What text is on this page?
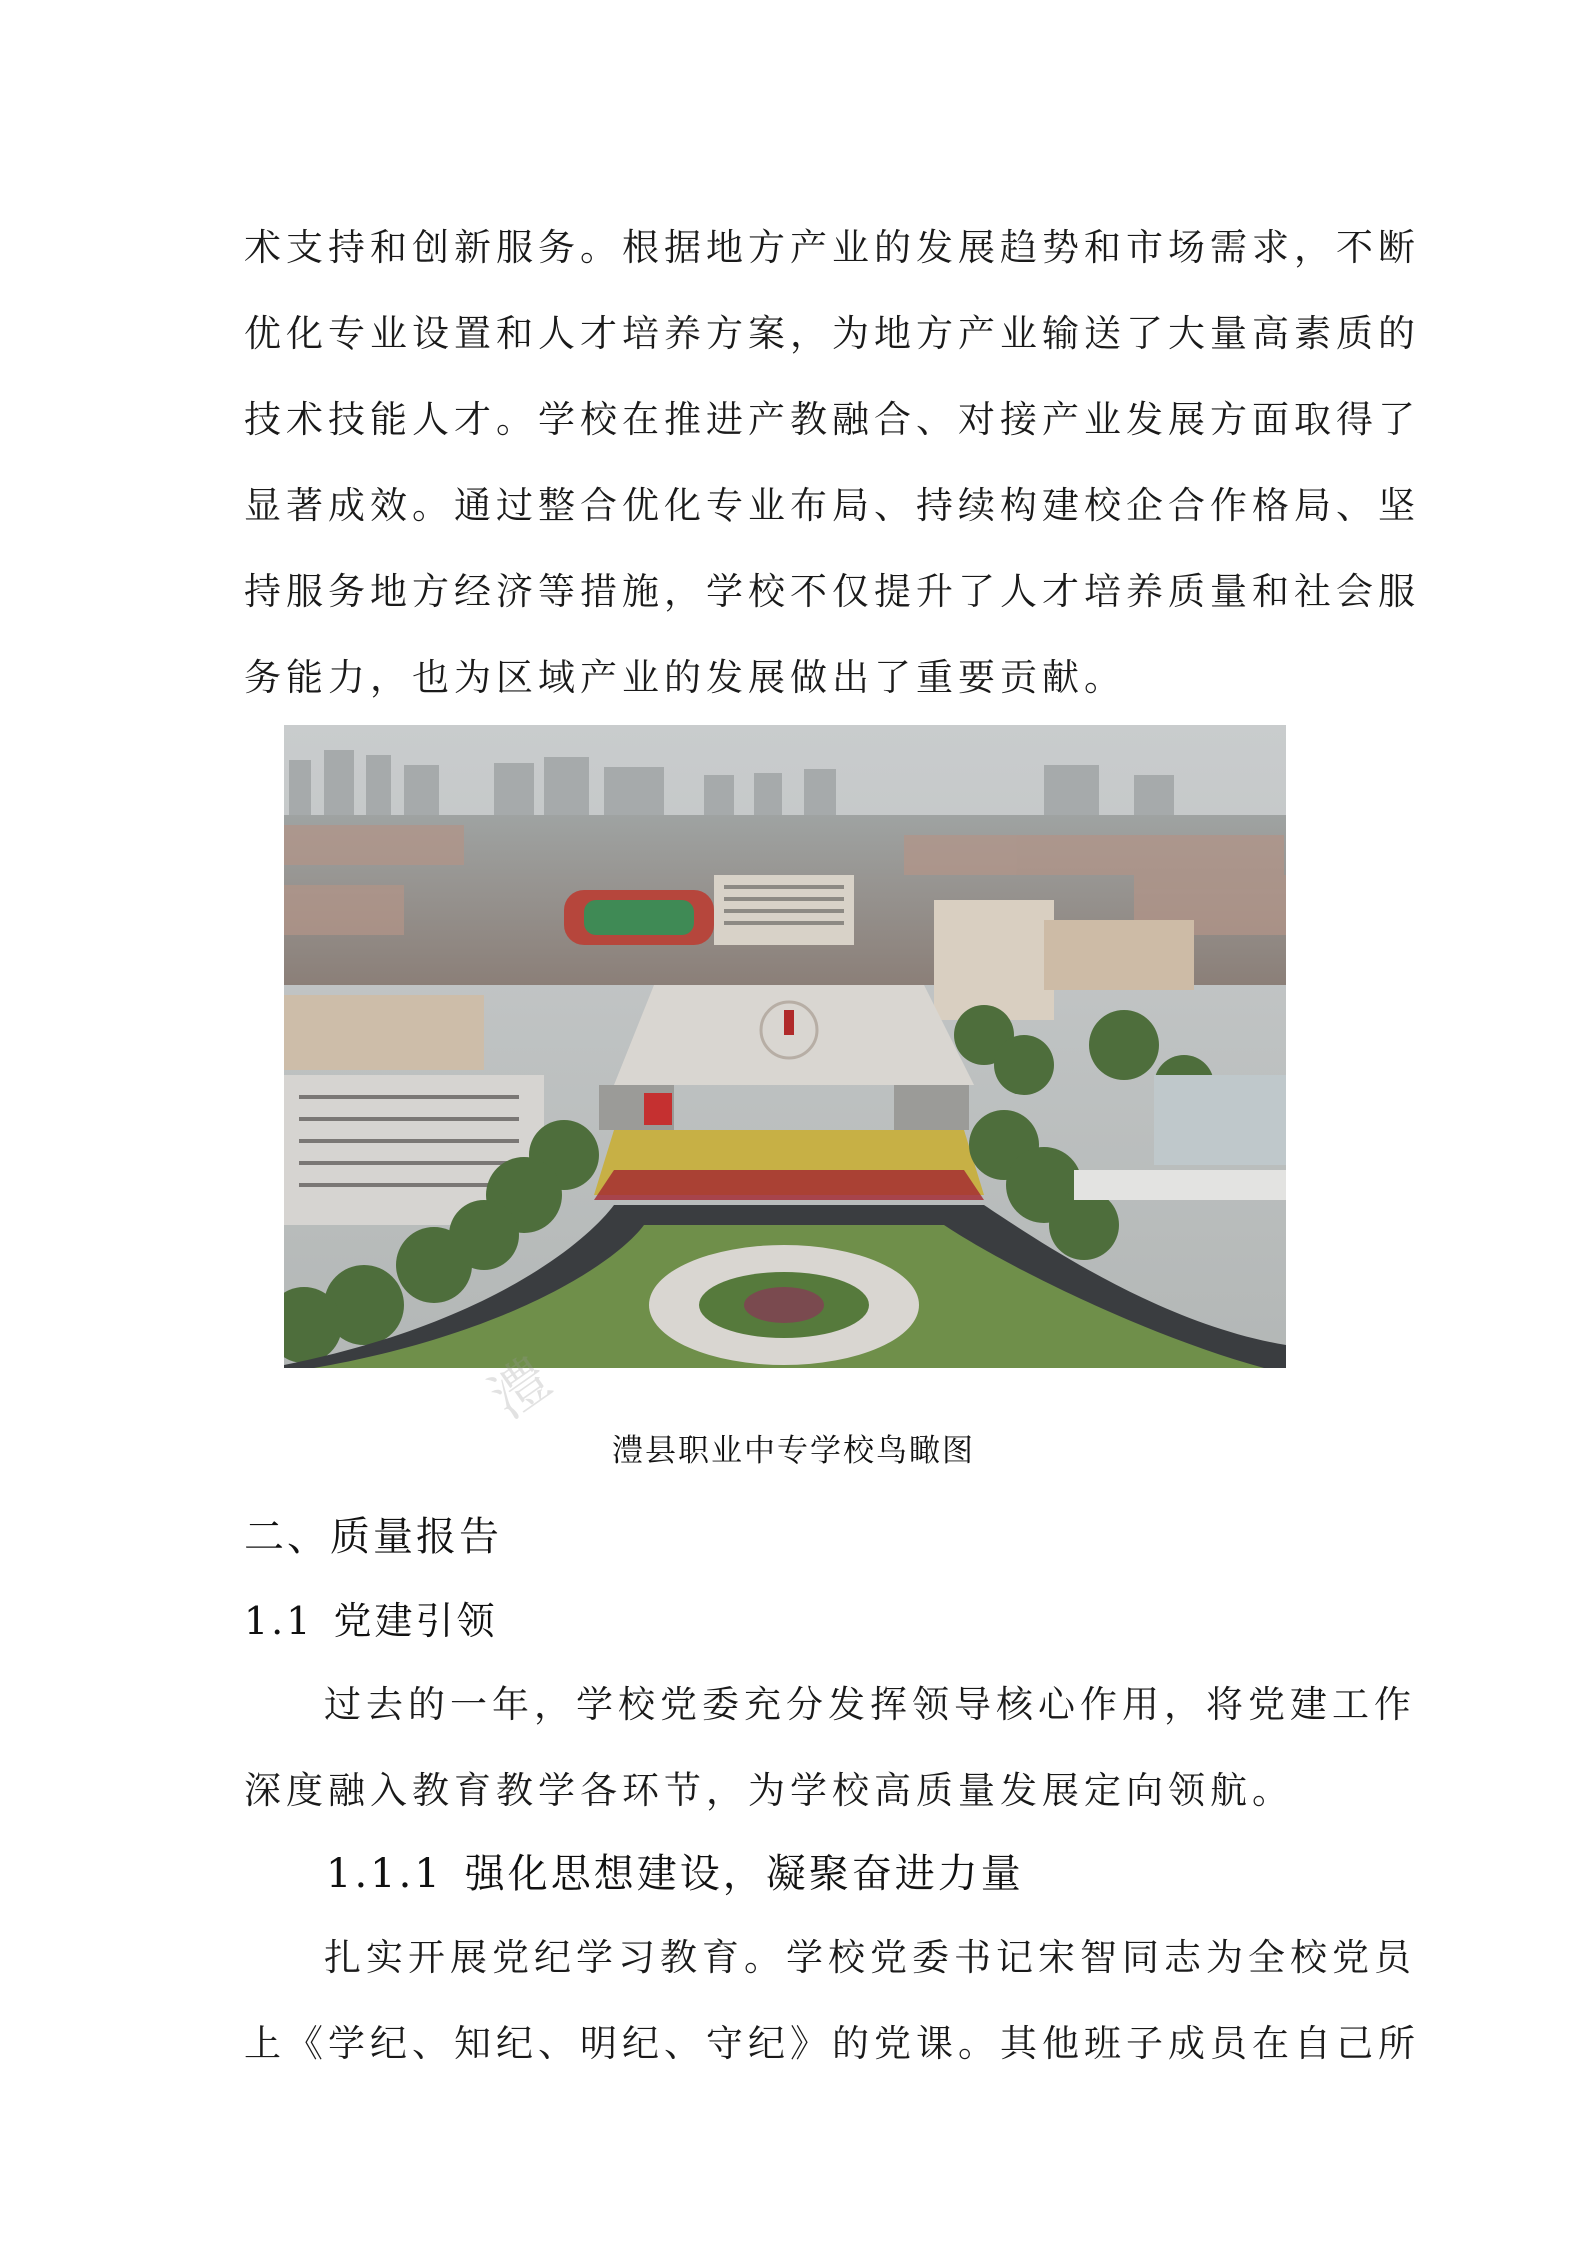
术支持和创新服务。根据地方产业的发展趋势和市场需求，不断
优化专业设置和人才培养方案，为地方产业输送了大量高素质的
技术技能人才。学校在推进产教融合、对接产业发展方面取得了
显著成效。通过整合优化专业布局、持续构建校企合作格局、坚
持服务地方经济等措施，学校不仅提升了人才培养质量和社会服
务能力，也为区域产业的发展做出了重要贡献。
澧
澧县职业中专学校鸟瞰图
二、质量报告
1.1 党建引领
过去的一年，学校党委充分发挥领导核心作用，将党建工作
深度融入教育教学各环节，为学校高质量发展定向领航。
1.1.1 强化思想建设，凝聚奋进力量
扎实开展党纪学习教育。学校党委书记宋智同志为全校党员
上《学纪、知纪、明纪、守纪》的党课。其他班子成员在自己所
